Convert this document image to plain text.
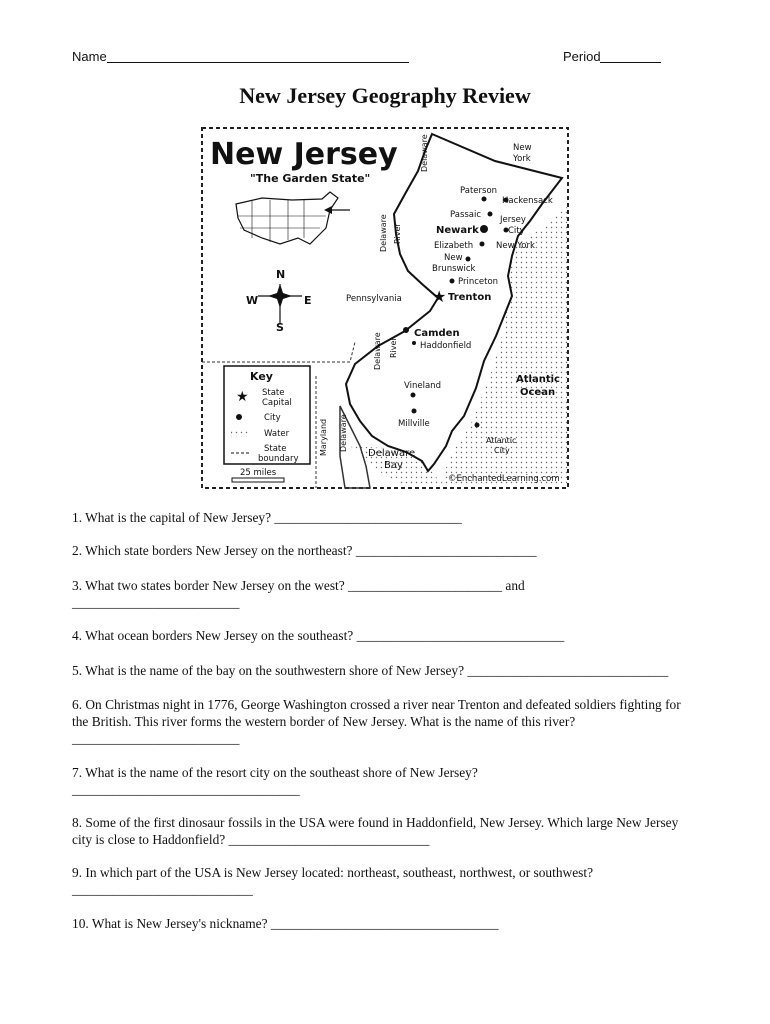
Name	Period
New Jersey Geography Review
New Jersey
"The Garden State"
N
S
W	E
Key
★ State
Capital
City
Water
State
boundary
25 miles
New
York
Pennsylvania
Delaware
Delaware River
Delaware River
Maryland Delaware
Paterson
Hackensack
Passaic Jersey
City
Newark
Elizabeth	New York
New
Brunswick
Princeton
★ Trenton
Camden
Haddonfield
Vineland
Millville
Atlantic
Ocean
Atlantic
City
Delaware
Bay
©EnchantedLearning.com
1. What is the capital of New Jersey? ____________________________
2. Which state borders New Jersey on the northeast? ___________________________
3. What two states border New Jersey on the west? _______________________ and
_________________________
4. What ocean borders New Jersey on the southeast? _______________________________
5. What is the name of the bay on the southwestern shore of New Jersey? ______________________________
6. On Christmas night in 1776, George Washington crossed a river near Trenton and defeated soldiers fighting for the British. This river forms the western border of New Jersey. What is the name of this river?
_________________________
7. What is the name of the resort city on the southeast shore of New Jersey?
__________________________________
8. Some of the first dinosaur fossils in the USA were found in Haddonfield, New Jersey. Which large New Jersey city is close to Haddonfield? ______________________________
9. In which part of the USA is New Jersey located: northeast, southeast, northwest, or southwest?
___________________________
10. What is New Jersey's nickname? __________________________________
